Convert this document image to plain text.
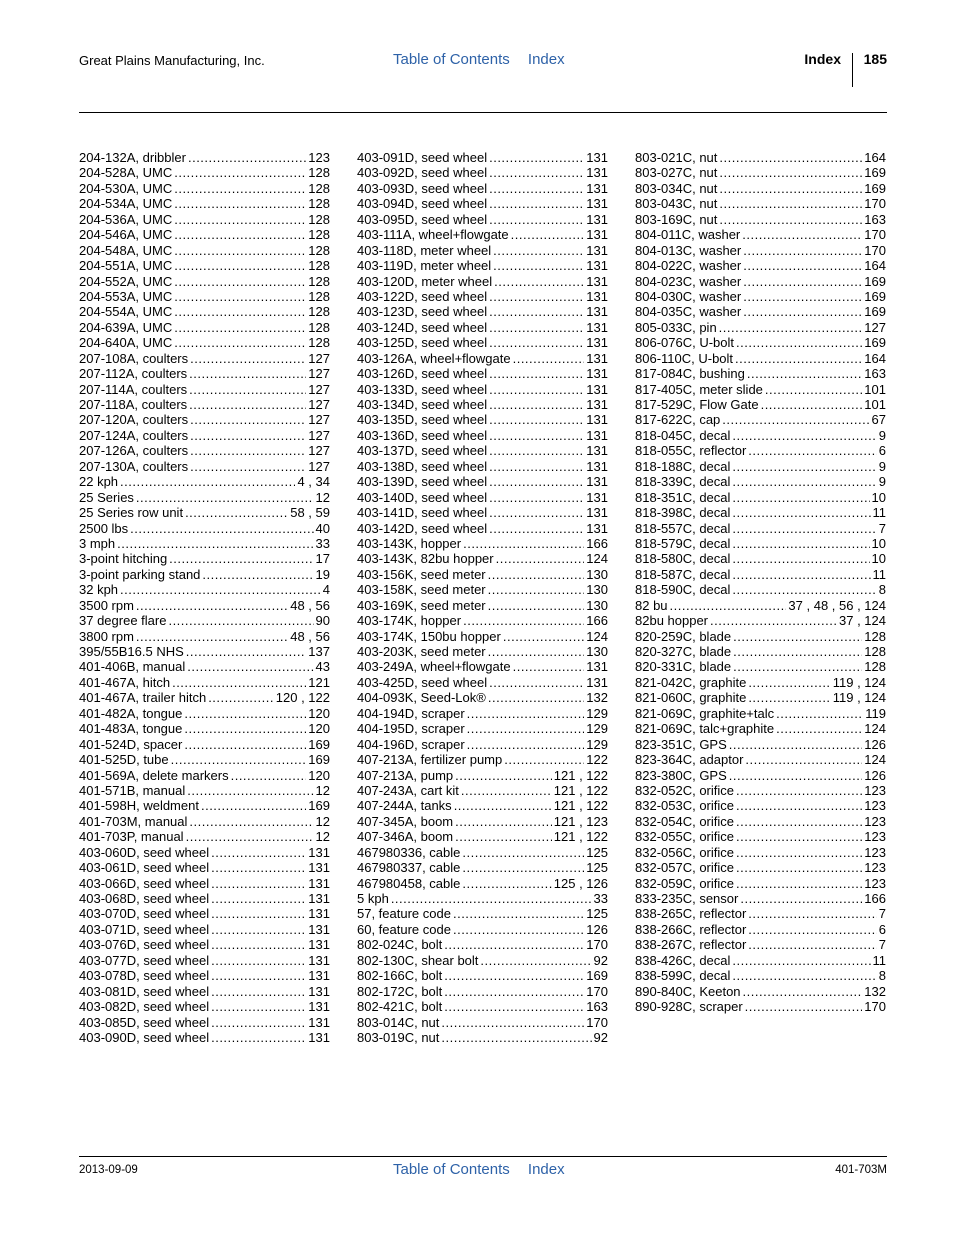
Great Plains Manufacturing, Inc.	Table of Contents Index	Index 185
204-132A, dribbler .....	123
204-528A, UMC .....	128
204-530A, UMC .....	128
204-534A, UMC .....	128
204-536A, UMC .....	128
204-546A, UMC .....	128
204-548A, UMC .....	128
204-551A, UMC .....	128
204-552A, UMC .....	128
204-553A, UMC .....	128
204-554A, UMC .....	128
204-639A, UMC .....	128
204-640A, UMC .....	128
207-108A, coulters .....	127
207-112A, coulters .....	127
207-114A, coulters .....	127
207-118A, coulters .....	127
207-120A, coulters .....	127
207-124A, coulters .....	127
207-126A, coulters .....	127
207-130A, coulters .....	127
22 kph .....	4 , 34
25 Series .....	12
25 Series row unit .....	58 , 59
2500 lbs .....	40
3 mph .....	33
3-point hitching .....	17
3-point parking stand .....	19
32 kph .....	4
3500 rpm .....	48 , 56
37 degree flare .....	90
3800 rpm .....	48 , 56
395/55B16.5 NHS .....	137
401-406B, manual .....	43
401-467A, hitch .....	121
401-467A, trailer hitch .....	120 , 122
401-482A, tongue .....	120
401-483A, tongue .....	120
401-524D, spacer .....	169
401-525D, tube .....	169
401-569A, delete markers .....	120
401-571B, manual .....	12
401-598H, weldment .....	169
401-703M, manual .....	12
401-703P, manual .....	12
403-060D, seed wheel .....	131
403-061D, seed wheel .....	131
403-066D, seed wheel .....	131
403-068D, seed wheel .....	131
403-070D, seed wheel .....	131
403-071D, seed wheel .....	131
403-076D, seed wheel .....	131
403-077D, seed wheel .....	131
403-078D, seed wheel .....	131
403-081D, seed wheel .....	131
403-082D, seed wheel .....	131
403-085D, seed wheel .....	131
403-090D, seed wheel .....	131
403-091D, seed wheel .....	131
403-092D, seed wheel .....	131
403-093D, seed wheel .....	131
403-094D, seed wheel .....	131
403-095D, seed wheel .....	131
403-111A, wheel+flowgate .....	131
403-118D, meter wheel .....	131
403-119D, meter wheel .....	131
403-120D, meter wheel .....	131
403-122D, seed wheel .....	131
403-123D, seed wheel .....	131
403-124D, seed wheel .....	131
403-125D, seed wheel .....	131
403-126A, wheel+flowgate .....	131
403-126D, seed wheel .....	131
403-133D, seed wheel .....	131
403-134D, seed wheel .....	131
403-135D, seed wheel .....	131
403-136D, seed wheel .....	131
403-137D, seed wheel .....	131
403-138D, seed wheel .....	131
403-139D, seed wheel .....	131
403-140D, seed wheel .....	131
403-141D, seed wheel .....	131
403-142D, seed wheel .....	131
403-143K, hopper .....	166
403-143K, 82bu hopper .....	124
403-156K, seed meter .....	130
403-158K, seed meter .....	130
403-169K, seed meter .....	130
403-174K, hopper .....	166
403-174K, 150bu hopper .....	124
403-203K, seed meter .....	130
403-249A, wheel+flowgate .....	131
403-425D, seed wheel .....	131
404-093K, Seed-Lok® .....	132
404-194D, scraper .....	129
404-195D, scraper .....	129
404-196D, scraper .....	129
407-213A, fertilizer pump .....	122
407-213A, pump .....	121 , 122
407-243A, cart kit .....	121 , 122
407-244A, tanks .....	121 , 122
407-345A, boom .....	121 , 123
407-346A, boom .....	121 , 122
467980336, cable .....	125
467980337, cable .....	125
467980458, cable .....	125 , 126
5 kph .....	33
57, feature code .....	125
60, feature code .....	126
802-024C, bolt .....	170
802-130C, shear bolt .....	92
802-166C, bolt .....	169
802-172C, bolt .....	170
802-421C, bolt .....	163
803-014C, nut .....	170
803-019C, nut .....	92
803-021C, nut .....	164
803-027C, nut .....	169
803-034C, nut .....	169
803-043C, nut .....	170
803-169C, nut .....	163
804-011C, washer .....	170
804-013C, washer .....	170
804-022C, washer .....	164
804-023C, washer .....	169
804-030C, washer .....	169
804-035C, washer .....	169
805-033C, pin .....	127
806-076C, U-bolt .....	169
806-110C, U-bolt .....	164
817-084C, bushing .....	163
817-405C, meter slide .....	101
817-529C, Flow Gate .....	101
817-622C, cap .....	67
818-045C, decal .....	9
818-055C, reflector .....	6
818-188C, decal .....	9
818-339C, decal .....	9
818-351C, decal .....	10
818-398C, decal .....	11
818-557C, decal .....	7
818-579C, decal .....	10
818-580C, decal .....	10
818-587C, decal .....	11
818-590C, decal .....	8
82 bu .....	37 , 48 , 56 , 124
82bu hopper .....	37 , 124
820-259C, blade .....	128
820-327C, blade .....	128
820-331C, blade .....	128
821-042C, graphite .....	119 , 124
821-060C, graphite .....	119 , 124
821-069C, graphite+talc .....	119
821-069C, talc+graphite .....	124
823-351C, GPS .....	126
823-364C, adaptor .....	124
823-380C, GPS .....	126
832-052C, orifice .....	123
832-053C, orifice .....	123
832-054C, orifice .....	123
832-055C, orifice .....	123
832-056C, orifice .....	123
832-057C, orifice .....	123
832-059C, orifice .....	123
833-235C, sensor .....	166
838-265C, reflector .....	7
838-266C, reflector .....	6
838-267C, reflector .....	7
838-426C, decal .....	11
838-599C, decal .....	8
890-840C, Keeton .....	132
890-928C, scraper .....	170
2013-09-09	Table of Contents Index	401-703M
